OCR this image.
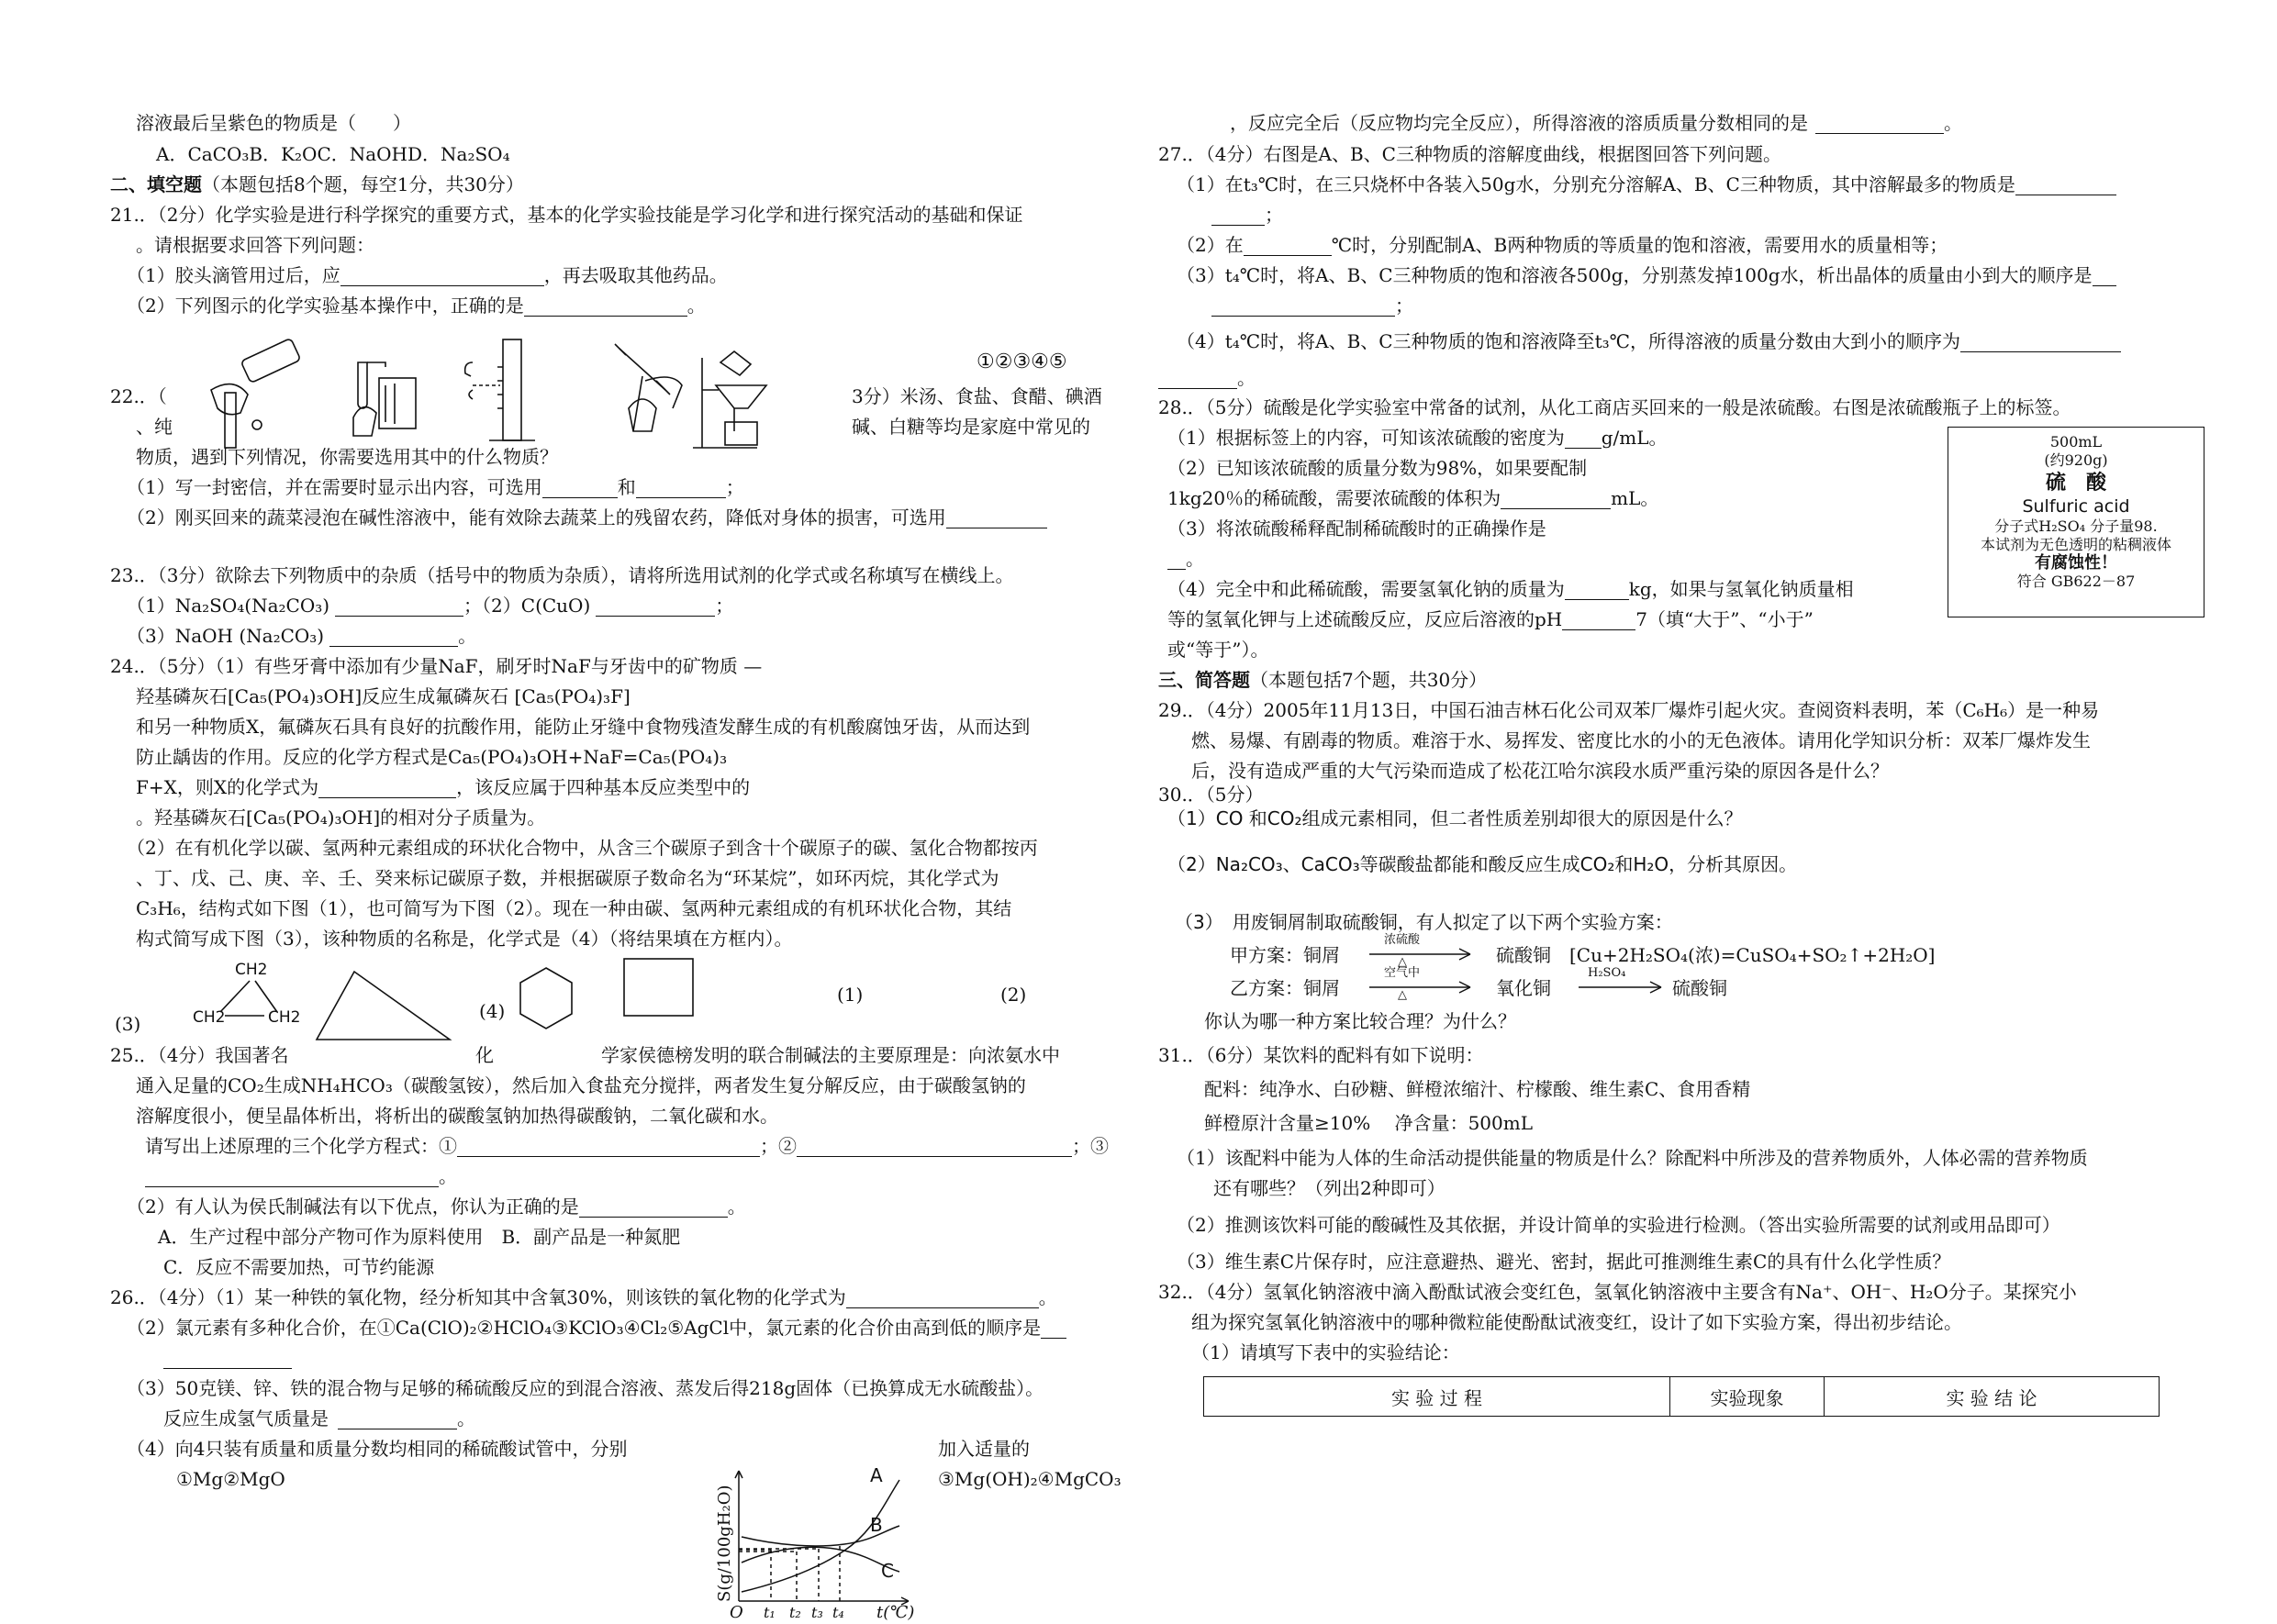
溶液最后呈紫色的物质是（　　）
A．CaCO₃B．K₂OC．NaOHD．Na₂SO₄
二、填空题（本题包括8个题，每空1分，共30分）
21.．（2分）化学实验是进行科学探究的重要方式，基本的化学实验技能是学习化学和进行探究活动的基础和保证
。请根据要求回答下列问题：
（1）胶头滴管用过后，应	，再去吸取其他药品。
（2）下列图示的化学实验基本操作中，正确的是	。
①②③④⑤
22.．（	3分）米汤、食盐、食醋、碘酒
、纯	碱、白糖等均是家庭中常见的
物质，遇到下列情况，你需要选用其中的什么物质？
（1）写一封密信，并在需要时显示出内容，可选用	和	；
（2）刚买回来的蔬菜浸泡在碱性溶液中，能有效除去蔬菜上的残留农药，降低对身体的损害，可选用
23.．（3分）欲除去下列物质中的杂质（括号中的物质为杂质），请将所选用试剂的化学式或名称填写在横线上。
（1）Na₂SO₄(Na₂CO₃)	；（2）C(CuO)	；
（3）NaOH (Na₂CO₃)	。
24.．（5分）（1）有些牙膏中添加有少量NaF，刷牙时NaF与牙齿中的矿物质 —
羟基磷灰石[Ca₅(PO₄)₃OH]反应生成氟磷灰石 [Ca₅(PO₄)₃F]
和另一种物质X，氟磷灰石具有良好的抗酸作用，能防止牙缝中食物残渣发酵生成的有机酸腐蚀牙齿，从而达到
防止龋齿的作用。反应的化学方程式是Ca₅(PO₄)₃OH+NaF=Ca₅(PO₄)₃
F+X，则X的化学式为	，该反应属于四种基本反应类型中的
。羟基磷灰石[Ca₅(PO₄)₃OH]的相对分子质量为。
（2）在有机化学以碳、氢两种元素组成的环状化合物中，从含三个碳原子到含十个碳原子的碳、氢化合物都按丙
、丁、戊、己、庚、辛、壬、癸来标记碳原子数，并根据碳原子数命名为“环某烷”，如环丙烷，其化学式为
C₃H₆，结构式如下图（1），也可简写为下图（2）。现在一种由碳、氢两种元素组成的有机环状化合物，其结
构式简写成下图（3），该种物质的名称是，化学式是（4）（将结果填在方框内）。
CH2
CH2	CH2
(3)
(4)
(1)	(2)
25.．（4分）我国著名	化	学家侯德榜发明的联合制碱法的主要原理是：向浓氨水中
通入足量的CO₂生成NH₄HCO₃（碳酸氢铵），然后加入食盐充分搅拌，两者发生复分解反应，由于碳酸氢钠的
溶解度很小，便呈晶体析出，将析出的碳酸氢钠加热得碳酸钠，二氧化碳和水。
请写出上述原理的三个化学方程式：①	；②	；③
。
（2）有人认为侯氏制碱法有以下优点，你认为正确的是	。
A．生产过程中部分产物可作为原料使用　B．副产品是一种氮肥
C．反应不需要加热，可节约能源
26.．（4分）（1）某一种铁的氧化物，经分析知其中含氧30%，则该铁的氧化物的化学式为	。
（2）氯元素有多种化合价，在①Ca(ClO)₂②HClO₄③KClO₃④Cl₂⑤AgCl中，氯元素的化合价由高到低的顺序是
（3）50克镁、锌、铁的混合物与足够的稀硫酸反应的到混合溶液、蒸发后得218g固体（已换算成无水硫酸盐）。
反应生成氢气质量是	。
（4）向4只装有质量和质量分数均相同的稀硫酸试管中，分别	加入适量的
①Mg②MgO	③Mg(OH)₂④MgCO₃
S(g/100gH₂O)
O t₁ t₂ t₃ t₄ t(℃)
A
B
C
，反应完全后（反应物均完全反应），所得溶液的溶质质量分数相同的是	。
27.．（4分）右图是A、B、C三种物质的溶解度曲线，根据图回答下列问题。
（1）在t₃℃时，在三只烧杯中各装入50g水，分别充分溶解A、B、C三种物质，其中溶解最多的物质是
；
（2）在	℃时，分别配制A、B两种物质的等质量的饱和溶液，需要用水的质量相等；
（3）t₄℃时，将A、B、C三种物质的饱和溶液各500g，分别蒸发掉100g水，析出晶体的质量由小到大的顺序是
；
（4）t₄℃时，将A、B、C三种物质的饱和溶液降至t₃℃，所得溶液的质量分数由大到小的顺序为
。
28.．（5分）硫酸是化学实验室中常备的试剂，从化工商店买回来的一般是浓硫酸。右图是浓硫酸瓶子上的标签。
（1）根据标签上的内容，可知该浓硫酸的密度为 g/mL。
（2）已知该浓硫酸的质量分数为98%，如果要配制
1kg20％的稀硫酸，需要浓硫酸的体积为	mL。
（3）将浓硫酸稀释配制稀硫酸时的正确操作是
。
（4）完全中和此稀硫酸，需要氢氧化钠的质量为	kg，如果与氢氧化钠质量相
等的氢氧化钾与上述硫酸反应，反应后溶液的pH	7（填“大于”、“小于”
或“等于”）。
500mL
(约920g)
硫　酸
Sulfuric acid
分子式H₂SO₄ 分子量98.
本试剂为无色透明的粘稠液体
有腐蚀性！
符合 GB622－87
三、简答题（本题包括7个题，共30分）
29.．（4分）2005年11月13日，中国石油吉林石化公司双苯厂爆炸引起火灾。查阅资料表明，苯（C₆H₆）是一种易
燃、易爆、有剧毒的物质。难溶于水、易挥发、密度比水的小的无色液体。请用化学知识分析：双苯厂爆炸发生
后，没有造成严重的大气污染而造成了松花江哈尔滨段水质严重污染的原因各是什么？
30.．（5分）
（1）CO 和CO₂组成元素相同，但二者性质差别却很大的原因是什么？
（2）Na₂CO₃、CaCO₃等碳酸盐都能和酸反应生成CO₂和H₂O，分析其原因。
（3）　用废铜屑制取硫酸铜，有人拟定了以下两个实验方案：
甲方案：铜屑
浓硫酸
△	硫酸铜　[Cu+2H₂SO₄(浓)=CuSO₄+SO₂↑+2H₂O]
乙方案：铜屑
空气中
△	氧化铜
H₂SO₄
硫酸铜
你认为哪一种方案比较合理？为什么？
31.．（6分）某饮料的配料有如下说明：
配料：纯净水、白砂糖、鲜橙浓缩汁、柠檬酸、维生素C、食用香精
鲜橙原汁含量≥10%　 净含量：500mL
（1）该配料中能为人体的生命活动提供能量的物质是什么？除配料中所涉及的营养物质外，人体必需的营养物质
还有哪些？（列出2种即可）
（2）推测该饮料可能的酸碱性及其依据，并设计简单的实验进行检测。（答出实验所需要的试剂或用品即可）
（3）维生素C片保存时，应注意避热、避光、密封，据此可推测维生素C的具有什么化学性质？
32.．（4分）氢氧化钠溶液中滴入酚酞试液会变红色，氢氧化钠溶液中主要含有Na⁺、OH⁻、H₂O分子。某探究小
组为探究氢氧化钠溶液中的哪种微粒能使酚酞试液变红，设计了如下实验方案，得出初步结论。
（1）请填写下表中的实验结论：
实 验 过 程	实验现象	实 验 结 论
